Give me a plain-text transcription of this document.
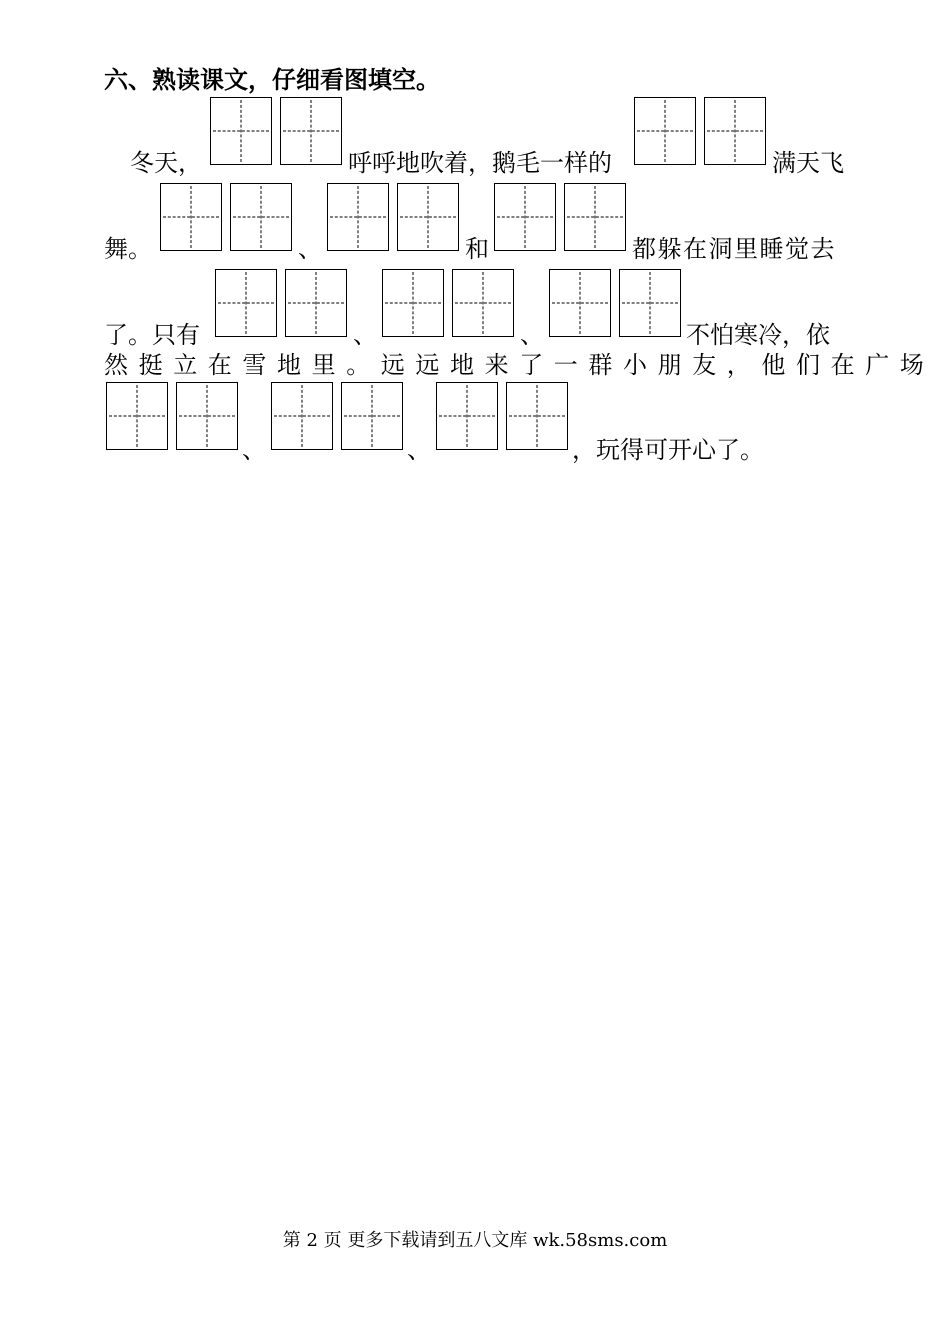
六、熟读课文，仔细看图填空。
冬天，	呼呼地吹着，鹅毛一样的	满天飞
舞。	、	和	都躲在洞里睡觉去
了。只有	、	、	不怕寒冷，依
然挺立在雪地里。远远地来了一群小朋友，他们在广场
、	、	，玩得可开心了。
第 2 页 更多下载请到五八文库 wk.58sms.com
